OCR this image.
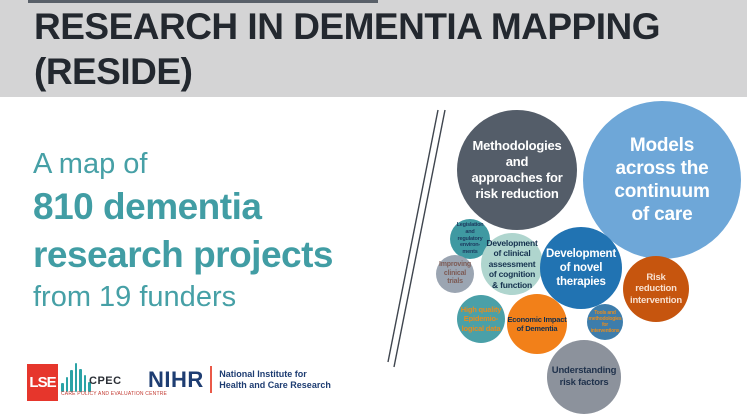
RESEARCH IN DEMENTIA MAPPING
(RESIDE)
A map of
810 dementia
research projects
from 19 funders
Methodologies
and
approaches for
risk reduction
Models
across the
continuum
of care
Legislation
and
regulatory
environ-
ments
Development
of clinical
assessment
of cognition
& function
Improving
clinical
trials
Development
of novel
therapies	Risk
reduction
intervention
High quality
Epidemio-
logical data
Economic Impact
of Dementia
Tools and
methodologies
for
interventions
Understanding
risk factors
LSE	CPEC
CARE POLICY AND EVALUATION CENTRE
NIHR National Institute for
Health and Care Research
